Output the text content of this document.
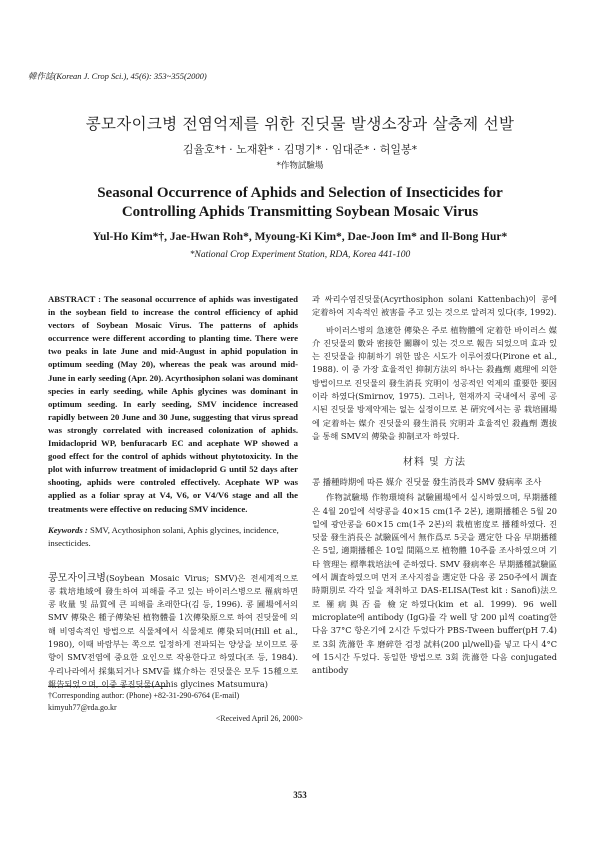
韓作誌(Korean J. Crop Sci.), 45(6): 353~355(2000)
콩모자이크병 전염억제를 위한 진딧물 발생소장과 살충제 선발
김율호*† · 노재환* · 김명기* · 임대준* · 허일봉*
*作物試驗場
Seasonal Occurrence of Aphids and Selection of Insecticides for
Controlling Aphids Transmitting Soybean Mosaic Virus
Yul-Ho Kim*†, Jae-Hwan Roh*, Myoung-Ki Kim*, Dae-Joon Im* and Il-Bong Hur*
*National Crop Experiment Station, RDA, Korea 441-100

ABSTRACT : The seasonal occurrence of aphids was investigated in the soybean field to increase the control efficiency of aphid vectors of Soybean Mosaic Virus. The patterns of aphids occurrence were different according to planting time. There were two peaks in late June and mid-August in aphid population in optimum seeding (May 20), whereas the peak was around mid-June in early seeding (Apr. 20). Acyrthosiphon solani was dominant species in early seeding, while Aphis glycines was dominant in optimum seeding. In early seeding, SMV incidence increased rapidly between 20 June and 30 June, suggesting that virus spread was strongly correlated with increased colonization of aphids. Imidacloprid WP, benfuracarb EC and acephate WP showed a good effect for the control of aphids without phytotoxicity. In the plot with infurrow treatment of imidacloprid G until 52 days after shooting, aphids were controled effectively. Acephate WP was applied as a foliar spray at V4, V6, or V4/V6 stage and all the treatments were effective on reducing SMV incidence.

Keywords : SMV, Acythosiphon solani, Aphis glycines, incidence, insecticides.

콩모자이크병(Soybean Mosaic Virus; SMV)은 전세계적으로 콩 栽培地域에 發生하여 피해를 주고 있는 바이러스병으로 罹病하면 콩 收量 및 品質에 큰 피해를 초래한다(김 등, 1996). 콩 圃場에서의 SMV 傳染은 種子傳染된 植物體를 1次傳染原으로 하여 진딧물에 의해 비영속적인 방법으로 식물체에서 식물체로 傳染되며(Hill et al., 1980), 이때 바람부는 쪽으로 일정하게 전파되는 양상을 보이므로 풍향이 SMV전염에 중요한 요인으로 작용한다고 하였다(조 등, 1984). 우리나라에서 採集되거나 SMV를 媒介하는 진딧물은 모두 15種으로 報告되었으며, 이중 콩진딧물(Aphis glycines Matsumura)

†Corresponding author: (Phone) +82-31-290-6764 (E-mail) kimyuh77@rda.go.kr
<Received April 26, 2000>

과 싸리수염진딧물(Acyrthosiphon solani Kattenbach)이 콩에 定着하여 지속적인 被害를 주고 있는 것으로 알려져 있다(李, 1992).

바이러스병의 急速한 傳染은 주로 植物體에 定着한 바이러스 媒介 진딧물의 數와 密接한 關聯이 있는 것으로 報告 되었으며 효과 있는 진딧물을 抑制하기 위한 많은 시도가 이루어졌다(Pirone et al., 1988). 이 중 가장 효율적인 抑制方法의 하나는 殺蟲劑 處理에 의한 방법이므로 진딧물의 發生消長 究明이 성공적인 억제의 重要한 要因이라 하였다(Smirnov, 1975). 그러나, 현재까지 국내에서 콩에 공시된 진딧물 방제약제는 없는 실정이므로 본 硏究에서는 콩 栽培圃場에 定着하는 媒介 진딧물의 發生消長 究明과 효율적인 殺蟲劑 選拔을 통해 SMV의 傳染을 抑制코자 하였다.

材料 및 方法
콩 播種時期에 따른 媒介 진딧물 發生消長과 SMV 發病率 조사

作物試驗場 作物環境科 試驗圃場에서 실시하였으며, 早期播種은 4월 20일에 석량콩을 40×15 cm(1주 2본), 適期播種은 5월 20일에 광안콩을 60×15 cm(1주 2본)의 栽植密度로 播種하였다. 진딧물 發生消長은 試驗區에서 無作爲로 5곳을 選定한 다음 早期播種은 5일, 適期播種은 10일 間隔으로 植物體 10주를 조사하였으며 기타 管理는 標準栽培法에 준하였다. SMV 發病率은 早期播種試驗區에서 調査하였으며 먼저 조사지점을 選定한 다음 콩 250주에서 調査時期別로 각각 잎을 채취하고 DAS-ELISA(Test kit : Sanofi)法으로 罹病與否를 檢定하였다(kim et al. 1999). 96 well microplate에 antibody (IgG)를 각 well 당 200 μl씩 coating한 다음 37°C 항온기에 2시간 두었다가 PBS-Tween buffer(pH 7.4)로 3회 洗滌한 후 磨碎한 검정 試料(200 μl/well)를 넣고 다시 4°C에 15시간 두었다. 동일한 방법으로 3회 洗滌한 다음 conjugated antibody

353
